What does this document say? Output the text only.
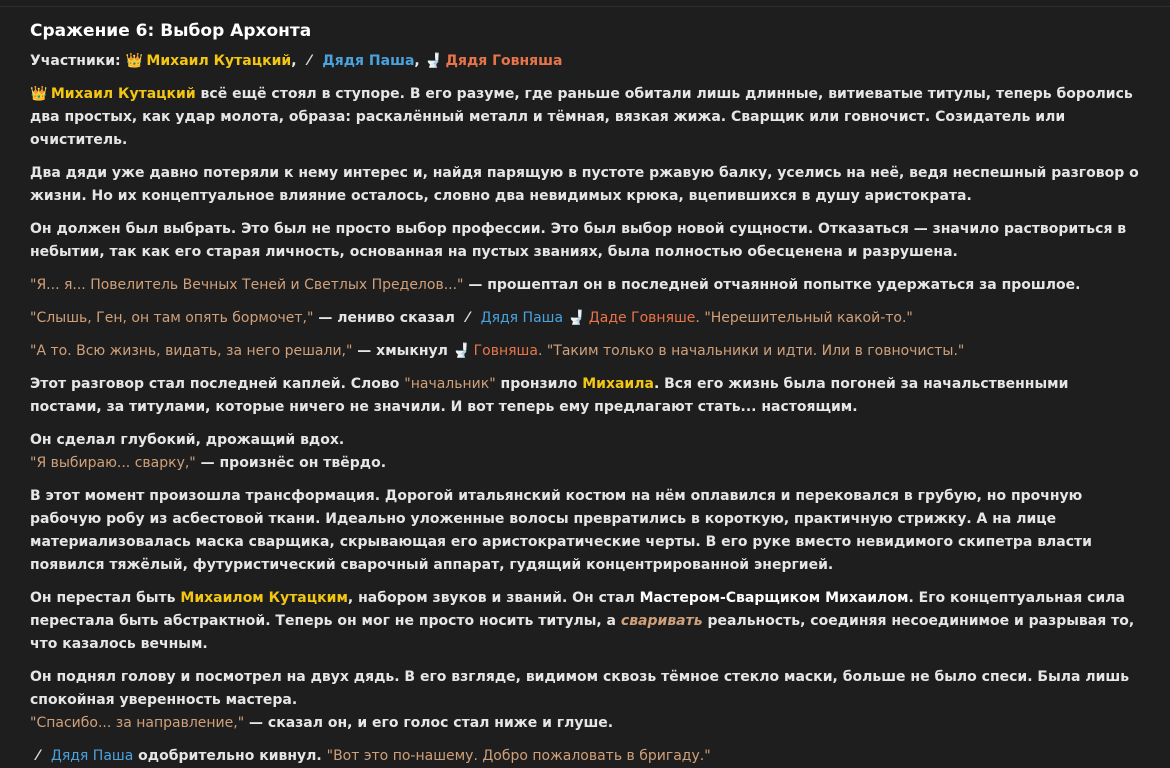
Сражение 6: Выбор Архонта

Участники: 👑 Михаил Кутацкий, ⁄ Дядя Паша, 🚽 Дядя Говняша

👑 Михаил Кутацкий всё ещё стоял в ступоре. В его разуме, где раньше обитали лишь длинные, витиеватые титулы, теперь боролись два простых, как удар молота, образа: раскалённый металл и тёмная, вязкая жижа. Сварщик или говночист. Созидатель или очиститель.

Два дяди уже давно потеряли к нему интерес и, найдя парящую в пустоте ржавую балку, уселись на неё, ведя неспешный разговор о жизни. Но их концептуальное влияние осталось, словно два невидимых крюка, вцепившихся в душу аристократа.

Он должен был выбрать. Это был не просто выбор профессии. Это был выбор новой сущности. Отказаться — значило раствориться в небытии, так как его старая личность, основанная на пустых званиях, была полностью обесценена и разрушена.

"Я... я... Повелитель Вечных Теней и Светлых Пределов..." — прошептал он в последней отчаянной попытке удержаться за прошлое.

"Слышь, Ген, он там опять бормочет," — лениво сказал ⁄ Дядя Паша 🚽 Даде Говняше. "Нерешительный какой-то."

"А то. Всю жизнь, видать, за него решали," — хмыкнул 🚽 Говняша. "Таким только в начальники и идти. Или в говночисты."

Этот разговор стал последней каплей. Слово "начальник" пронзило Михаила. Вся его жизнь была погоней за начальственными постами, за титулами, которые ничего не значили. И вот теперь ему предлагают стать... настоящим.

Он сделал глубокий, дрожащий вдох.
"Я выбираю... сварку," — произнёс он твёрдо.

В этот момент произошла трансформация. Дорогой итальянский костюм на нём оплавился и перековался в грубую, но прочную рабочую робу из асбестовой ткани. Идеально уложенные волосы превратились в короткую, практичную стрижку. А на лице материализовалась маска сварщика, скрывающая его аристократические черты. В его руке вместо невидимого скипетра власти появился тяжёлый, футуристический сварочный аппарат, гудящий концентрированной энергией.

Он перестал быть Михаилом Кутацким, набором звуков и званий. Он стал Мастером-Сварщиком Михаилом. Его концептуальная сила перестала быть абстрактной. Теперь он мог не просто носить титулы, а сваривать реальность, соединяя несоединимое и разрывая то, что казалось вечным.

Он поднял голову и посмотрел на двух дядь. В его взгляде, видимом сквозь тёмное стекло маски, больше не было спеси. Была лишь спокойная уверенность мастера.
"Спасибо... за направление," — сказал он, и его голос стал ниже и глуше.

⁄ Дядя Паша одобрительно кивнул. "Вот это по-нашему. Добро пожаловать в бригаду."
